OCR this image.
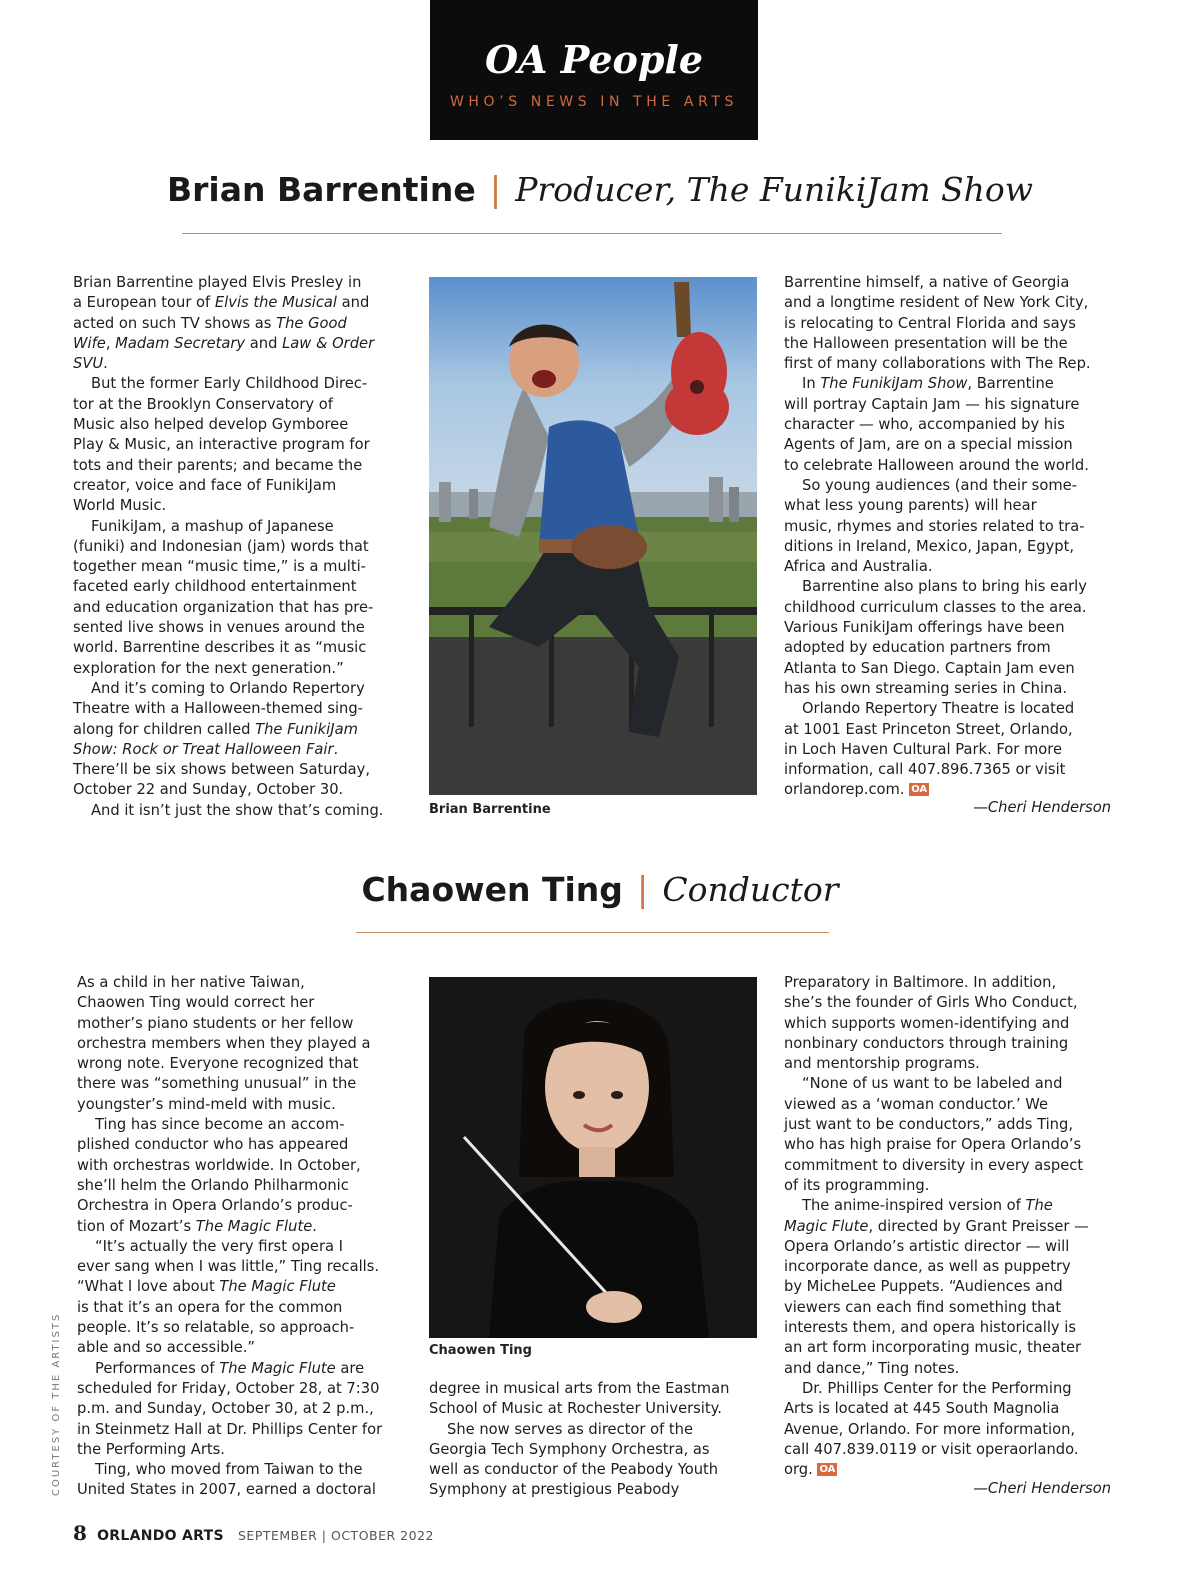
OA People
WHO’S NEWS IN THE ARTS
Brian Barrentine | Producer, The FunikiJam Show
Brian Barrentine played Elvis Presley in
a European tour of Elvis the Musical and
acted on such TV shows as The Good
Wife, Madam Secretary and Law & Order
SVU.
But the former Early Childhood Direc-
tor at the Brooklyn Conservatory of
Music also helped develop Gymboree
Play & Music, an interactive program for
tots and their parents; and became the
creator, voice and face of FunikiJam
World Music.
FunikiJam, a mashup of Japanese
(funiki) and Indonesian (jam) words that
together mean “music time,” is a multi-
faceted early childhood entertainment
and education organization that has pre-
sented live shows in venues around the
world. Barrentine describes it as “music
exploration for the next generation.”
And it’s coming to Orlando Repertory
Theatre with a Halloween-themed sing-
along for children called The FunikiJam
Show: Rock or Treat Halloween Fair.
There’ll be six shows between Saturday,
October 22 and Sunday, October 30.
And it isn’t just the show that’s coming.	Brian Barrentine
Barrentine himself, a native of Georgia
and a longtime resident of New York City,
is relocating to Central Florida and says
the Halloween presentation will be the
first of many collaborations with The Rep.
In The FunikiJam Show, Barrentine
will portray Captain Jam — his signature
character — who, accompanied by his
Agents of Jam, are on a special mission
to celebrate Halloween around the world.
So young audiences (and their some-
what less young parents) will hear
music, rhymes and stories related to tra-
ditions in Ireland, Mexico, Japan, Egypt,
Africa and Australia.
Barrentine also plans to bring his early
childhood curriculum classes to the area.
Various FunikiJam offerings have been
adopted by education partners from
Atlanta to San Diego. Captain Jam even
has his own streaming series in China.
Orlando Repertory Theatre is located
at 1001 East Princeton Street, Orlando,
in Loch Haven Cultural Park. For more
information, call 407.896.7365 or visit
orlandorep.com. OA
—Cheri Henderson
Chaowen Ting | Conductor
As a child in her native Taiwan,
Chaowen Ting would correct her
mother’s piano students or her fellow
orchestra members when they played a
wrong note. Everyone recognized that
there was “something unusual” in the
youngster’s mind-meld with music.
Ting has since become an accom-
plished conductor who has appeared
with orchestras worldwide. In October,
she’ll helm the Orlando Philharmonic
Orchestra in Opera Orlando’s produc-
tion of Mozart’s The Magic Flute.
“It’s actually the very first opera I
ever sang when I was little,” Ting recalls.
“What I love about The Magic Flute
is that it’s an opera for the common
people. It’s so relatable, so approach-
able and so accessible.”
Performances of The Magic Flute are
scheduled for Friday, October 28, at 7:30
p.m. and Sunday, October 30, at 2 p.m.,
in Steinmetz Hall at Dr. Phillips Center for
the Performing Arts.
Ting, who moved from Taiwan to the
United States in 2007, earned a doctoral
Chaowen Ting
degree in musical arts from the Eastman
School of Music at Rochester University.
She now serves as director of the
Georgia Tech Symphony Orchestra, as
well as conductor of the Peabody Youth
Symphony at prestigious Peabody
Preparatory in Baltimore. In addition,
she’s the founder of Girls Who Conduct,
which supports women-identifying and
nonbinary conductors through training
and mentorship programs.
“None of us want to be labeled and
viewed as a ‘woman conductor.’ We
just want to be conductors,” adds Ting,
who has high praise for Opera Orlando’s
commitment to diversity in every aspect
of its programming.
The anime-inspired version of The
Magic Flute, directed by Grant Preisser —
Opera Orlando’s artistic director — will
incorporate dance, as well as puppetry
by MicheLee Puppets. “Audiences and
viewers can each find something that
interests them, and opera historically is
an art form incorporating music, theater
and dance,” Ting notes.
Dr. Phillips Center for the Performing
Arts is located at 445 South Magnolia
Avenue, Orlando. For more information,
call 407.839.0119 or visit operaorlando.
org. OA
—Cheri Henderson
COURTESY OF THE ARTISTS
8 ORLANDO ARTS SEPTEMBER | OCTOBER 2022
